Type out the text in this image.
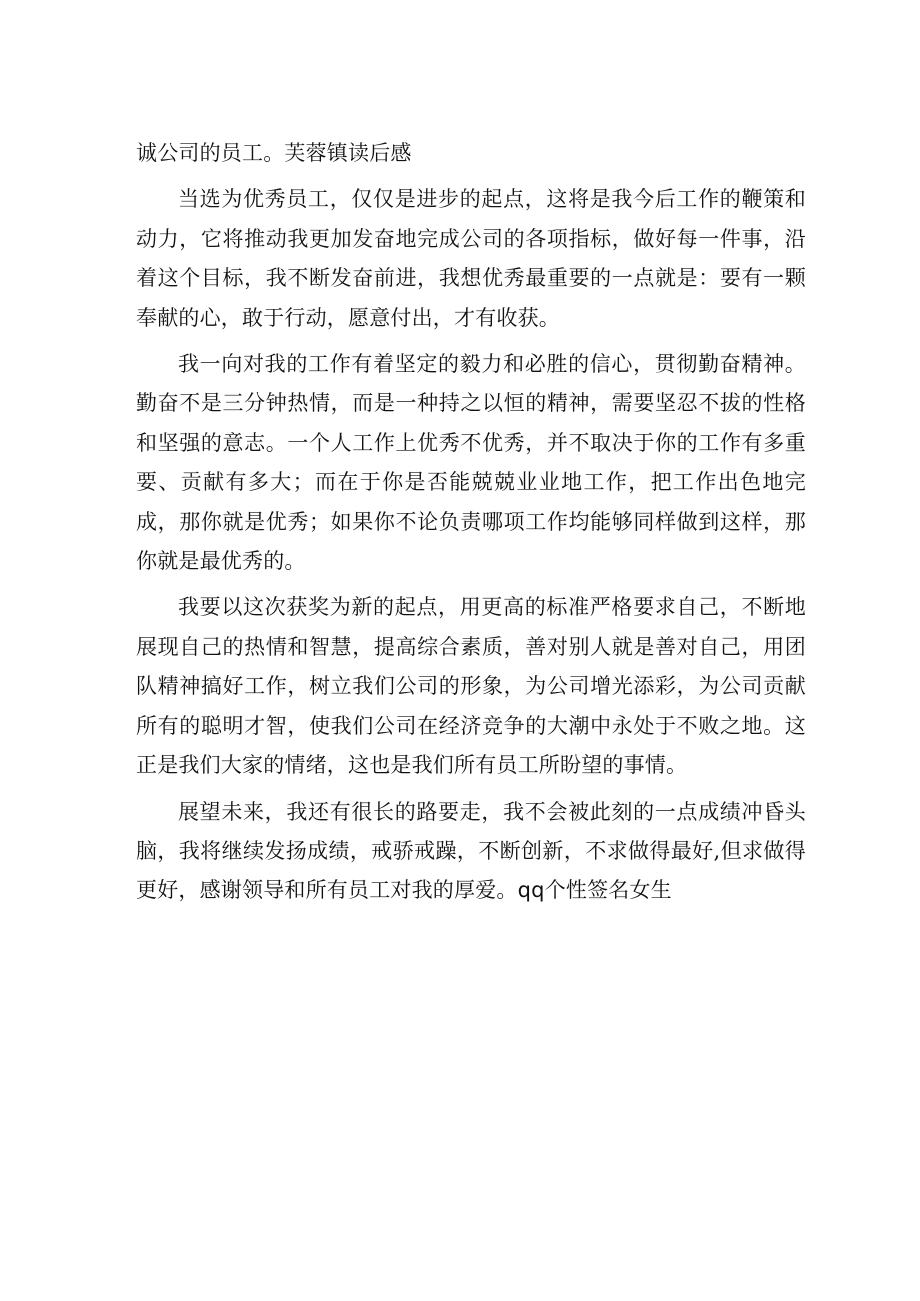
诚公司的员工。芙蓉镇读后感

当选为优秀员工，仅仅是进步的起点，这将是我今后工作的鞭策和动力，它将推动我更加发奋地完成公司的各项指标，做好每一件事，沿着这个目标，我不断发奋前进，我想优秀最重要的一点就是：要有一颗奉献的心，敢于行动，愿意付出，才有收获。

我一向对我的工作有着坚定的毅力和必胜的信心，贯彻勤奋精神。勤奋不是三分钟热情，而是一种持之以恒的精神，需要坚忍不拔的性格和坚强的意志。一个人工作上优秀不优秀，并不取决于你的工作有多重要、贡献有多大；而在于你是否能兢兢业业地工作，把工作出色地完成，那你就是优秀；如果你不论负责哪项工作均能够同样做到这样，那你就是最优秀的。

我要以这次获奖为新的起点，用更高的标准严格要求自己，不断地展现自己的热情和智慧，提高综合素质，善对别人就是善对自己，用团队精神搞好工作，树立我们公司的形象，为公司增光添彩，为公司贡献所有的聪明才智，使我们公司在经济竞争的大潮中永处于不败之地。这正是我们大家的情绪，这也是我们所有员工所盼望的事情。

展望未来，我还有很长的路要走，我不会被此刻的一点成绩冲昏头脑，我将继续发扬成绩，戒骄戒躁，不断创新，不求做得最好,但求做得更好，感谢领导和所有员工对我的厚爱。qq个性签名女生
